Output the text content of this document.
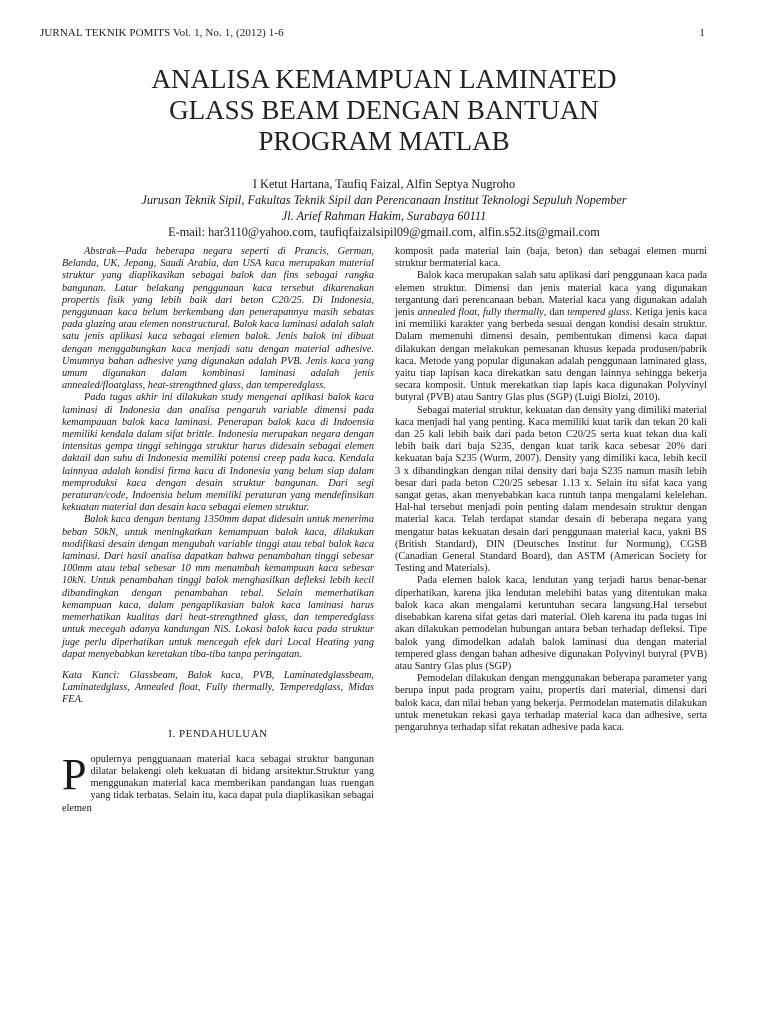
JURNAL TEKNIK POMITS Vol. 1, No. 1, (2012) 1-6	1
ANALISA KEMAMPUAN LAMINATED
GLASS BEAM DENGAN BANTUAN
PROGRAM MATLAB
I Ketut Hartana, Taufiq Faizal, Alfin Septya Nugroho
Jurusan Teknik Sipil, Fakultas Teknik Sipil dan Perencanaan Institut Teknologi Sepuluh Nopember
Jl. Arief Rahman Hakim, Surabaya 60111
E-mail: har3110@yahoo.com, taufiqfaizalsipil09@gmail.com, alfin.s52.its@gmail.com

Abstrak—Pada beberapa negara seperti di Prancis, German, Belanda, UK, Jepang, Saudi Arabia, dan USA kaca merupakan material struktur yang diaplikasikan sebagai balok dan fins sebagai rangka bangunan. Latar belakang penggunaan kaca tersebut dikarenakan propertis fisik yang lebih baik dari beton C20/25. Di Indonesia, penggunaan kaca belum berkembang dan penerapannya masih sebatas pada glazing atau elemen nonstructural. Balok kaca laminasi adalah salah satu jenis aplikasi kaca sebagai elemen balok. Jenis balok ini dibuat dengan menggabungkan kaca menjadi satu dengan material adhesive. Umumnya bahan adhesive yang digunakan adalah PVB. Jenis kaca yang umum digunakan dalam kombinasi laminasi adalah jenis annealed/floatglass, heat-strengthned glass, dan temperedglass.

Pada tugas akhir ini dilakukan study mengenai aplikasi balok kaca laminasi di Indonesia dan analisa pengaruh variable dimensi pada kemampauan balok kaca laminasi. Penerapan balok kaca di Indoensia memiliki kendala dalam sifat brittle. Indonesia merupakan negara dengan intensitas gempa tinggi sehingga struktur harus didesain sebagai elemen daktail dan suhu di Indonesia memiliki potensi creep pada kaca. Kendala lainnyaa adalah kondisi firma kaca di Indonesia yang belum siap dalam memproduksi kaca dengan desain struktur bangunan. Dari segi peraturan/code, Indoensia belum memiliki peraturan yang mendefinsikan kekuatan material dan desain kaca sebagai elemen struktur.

Balok kaca dengan bentang 1350mm dapat didesain untuk menerima beban 50kN, untuk meningkatkan kemampuan balok kaca, dilakukan modifikasi desain dengan mengubah variable tinggi atau tebal balok kaca laminasi. Dari hasil analisa dapatkan bahwa penambahan tinggi sebesar 100mm atau tebal sebesar 10 mm menambah kemampuan kaca sebesar 10kN. Untuk penambahan tinggi balok menghasilkan defleksi lebih kecil dibandingkan dengan penambahan tebal. Selain memerhatikan kemampuan kaca, dalam pengaplikasian balok kaca laminasi harus memerhatikan kualitas dari heat-strengthned glass, dan temperedglass untuk mecegah adanya kandungan NiS. Lokasi balok kaca pada struktur juge perlu diperhatikan untuk mencegah efek dari Local Heating yang dapat menyebabkan keretakan tiba-tiba tanpa peringatan.

Kata Kunci: Glassbeam, Balok kaca, PVB, Laminatedglassbeam, Laminatedglass, Annealed float, Fully thermally, Temperedglass, Midas FEA.

I. PENDAHULUAN
P opulernya pengguanaan material kaca sebagai struktur bangunan dilatar belakengi oleh kekuatan di bidang arsitektur.Struktur yang menggunakan material kaca memberikan pandangan luas ruengan yang tidak terbatas. Selain itu, kaca dapat pula diaplikasikan sebagai elemen

komposit pada material lain (baja, beton) dan sebagai elemen murni struktur bermaterial kaca.

Balok kaca merupakan salah satu aplikasi dari penggunaan kaca pada elemen struktur. Dimensi dan jenis material kaca yang digunakan tergantung dari perencanaan beban. Material kaca yang digunakan adalah jenis annealed float, fully thermally, dan tempered glass. Ketiga jenis kaca ini memiliki karakter yang berbeda sesuai dengan kondisi desain struktur. Dalam memenuhi dimensi desain, pembentukan dimensi kaca dapat dilakukan dengan melakukan pemesanan khusus kepada produsen/pabrik kaca. Metode yang popular digunakan adalah penggunaan laminated glass, yaitu tiap lapisan kaca direkatkan satu dengan lainnya sehingga bekerja secara komposit. Untuk merekatkan tiap lapis kaca digunakan Polyvinyl butyral (PVB) atau Santry Glas plus (SGP) (Luigi Biolzi, 2010).

Sebagai material struktur, kekuatan dan density yang dimiliki material kaca menjadi hal yang penting. Kaca memiliki kuat tarik dan tekan 20 kali dan 25 kali lebih baik dari pada beton C20/25 serta kuat tekan dua kali lebih baik dari baja S235, dengan kuat tarik kaca sebesar 20% dari kekuatan baja S235 (Wurm, 2007). Density yang dimiliki kaca, lebih kecil 3 x dibandingkan dengan nilai density dari baja S235 namun masih lebih besar dari pada beton C20/25 sebesar 1.13 x. Selain itu sifat kaca yang sangat getas, akan menyebabkan kaca runtuh tanpa mengalami kelelehan. Hal-hal tersebut menjadi poin penting dalam mendesain struktur dengan material kaca. Telah terdapat standar desain di beberapa negara yang mengatur batas kekuatan desain dari penggunaan material kaca, yakni BS (British Standard), DIN (Deutsches Institut fur Normung), CGSB (Canadian General Standard Board), dan ASTM (American Society for Testing and Materials).

Pada elemen balok kaca, lendutan yang terjadi harus benar-benar diperhatikan, karena jika lendutan melebihi batas yang ditentukan maka balok kaca akan mengalami keruntuhan secara langsung.Hal tersebut disebabkan karena sifat getas dari material. Oleh karena itu pada tugas ini akan dilakukan pemodelan hubungan antara beban terhadap defleksi. Tipe balok yang dimodelkan adalah balok laminasi dua dengan material tempered glass dengan bahan adhesive digunakan Polyvinyl butyral (PVB) atau Santry Glas plus (SGP)

Pemodelan dilakukan dengan menggunakan beberapa parameter yang berupa input pada program yaitu, propertis dari material, dimensi dari balok kaca, dan nilai beban yang bekerja. Permodelan matematis dilakukan untuk menetukan rekasi gaya terhadap material kaca dan adhesive, serta pengaruhnya terhadap sifat rekatan adhesive pada kaca.
